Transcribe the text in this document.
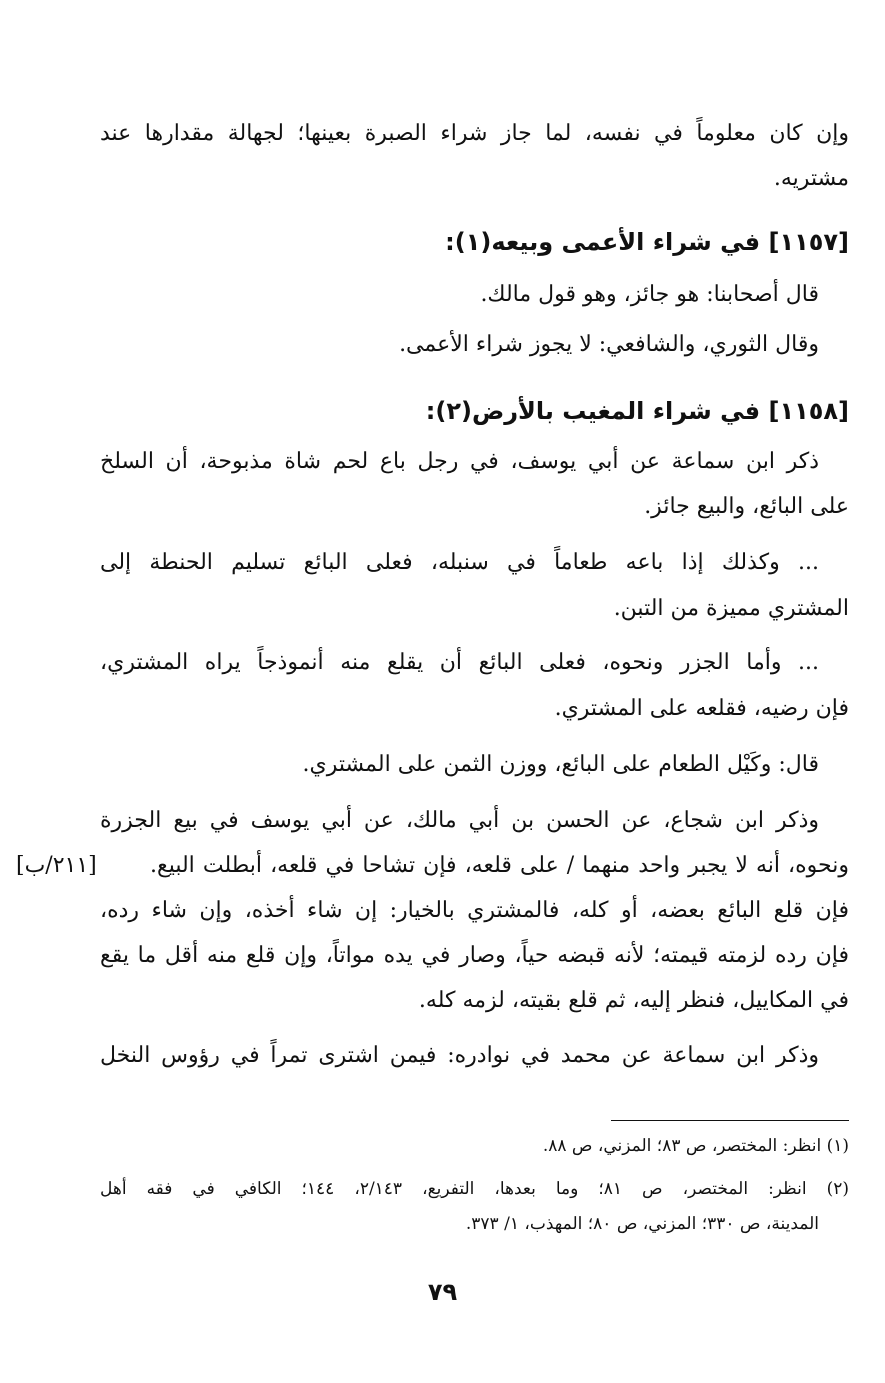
وإن كان معلوماً في نفسه، لما جاز شراء الصبرة بعينها؛ لجهالة مقدارها عند
مشتريه.
[١١٥٧] في شراء الأعمى وبيعه(١):
قال أصحابنا: هو جائز، وهو قول مالك.
وقال الثوري، والشافعي: لا يجوز شراء الأعمى.
[١١٥٨] في شراء المغيب بالأرض(٢):
ذكر ابن سماعة عن أبي يوسف، في رجل باع لحم شاة مذبوحة، أن السلخ
على البائع، والبيع جائز.
... وكذلك إذا باعه طعاماً في سنبله، فعلى البائع تسليم الحنطة إلى
المشتري مميزة من التبن.
... وأما الجزر ونحوه، فعلى البائع أن يقلع منه أنموذجاً يراه المشتري،
فإن رضيه، فقلعه على المشتري.
قال: وكَيْل الطعام على البائع، ووزن الثمن على المشتري.
وذكر ابن شجاع، عن الحسن بن أبي مالك، عن أبي يوسف في بيع الجزرة
ونحوه، أنه لا يجبر واحد منهما / على قلعه، فإن تشاحا في قلعه، أبطلت البيع.
[٢١١/ب]
فإن قلع البائع بعضه، أو كله، فالمشتري بالخيار: إن شاء أخذه، وإن شاء رده،
فإن رده لزمته قيمته؛ لأنه قبضه حياً، وصار في يده مواتاً، وإن قلع منه أقل ما يقع
في المكاييل، فنظر إليه، ثم قلع بقيته، لزمه كله.
وذكر ابن سماعة عن محمد في نوادره: فيمن اشترى تمراً في رؤوس النخل
(١) انظر: المختصر، ص ٨٣؛ المزني، ص ٨٨.
(٢) انظر: المختصر، ص ٨١؛ وما بعدها، التفريع، ٢/١٤٣، ١٤٤؛ الكافي في فقه أهل
المدينة، ص ٣٣٠؛ المزني، ص ٨٠؛ المهذب، ١/ ٣٧٣.
٧٩
